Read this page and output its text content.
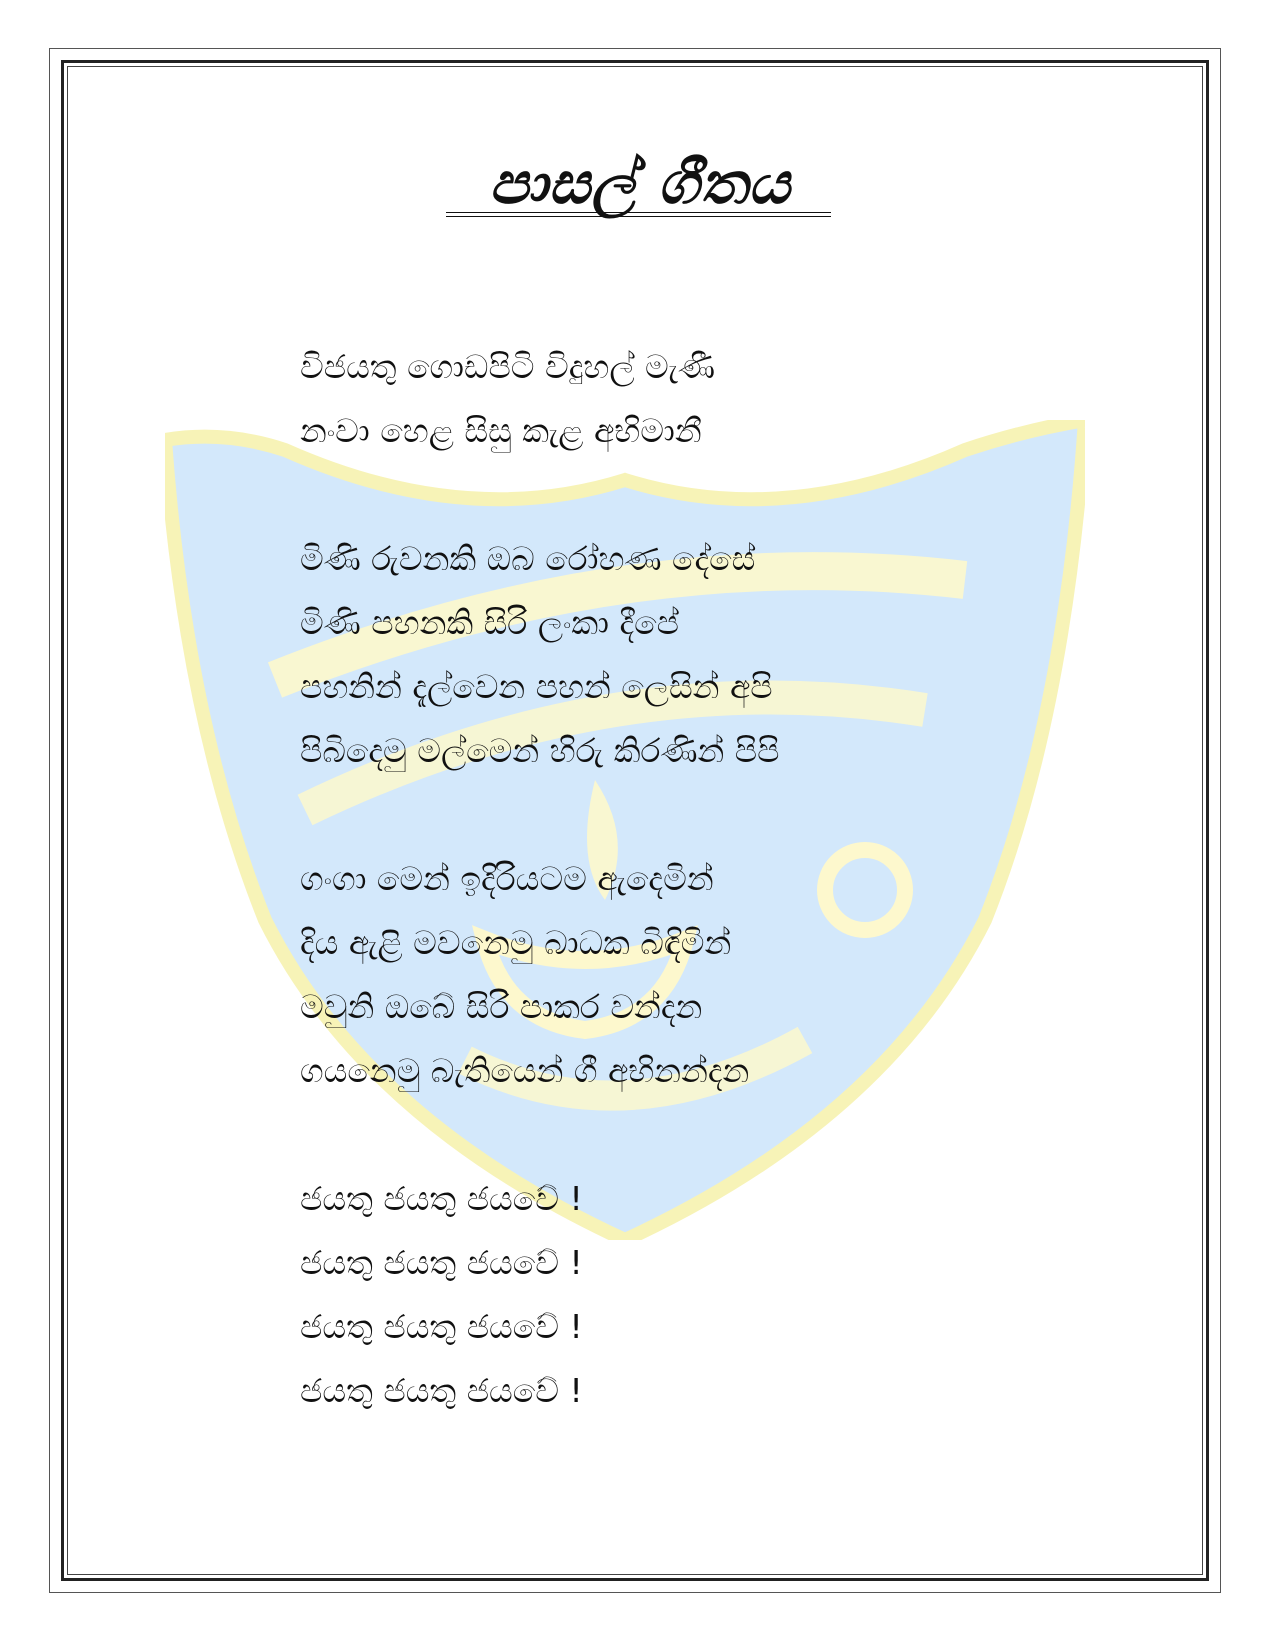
පාසල් ගීතය
විජයතු ගොඩපිටි විදුහල් මැණී
නංවා හෙළ සිසු කැළ අභිමානී
මිණි රුවනකි ඔබ රෝහණ දේසේ
මිණි පහනකි සිරි ලංකා දීපේ
පහනින් දැල්වෙන පහන් ලෙසින් අපි
පිබිදෙමු මල්මෙන් හිරු කිරණින් පිපි
ගංගා මෙන් ඉදිරියටම ඇදෙමින්
දිය ඇළි මවනෙමු බාධක බිඳිමින්
මවුනි ඔබේ සිරි පාකර වන්දන
ගයනෙමු බැතියෙන් ගී අභිනන්දන
ජයතු ජයතු ජයවේ !
ජයතු ජයතු ජයවේ !
ජයතු ජයතු ජයවේ !
ජයතු ජයතු ජයවේ !
